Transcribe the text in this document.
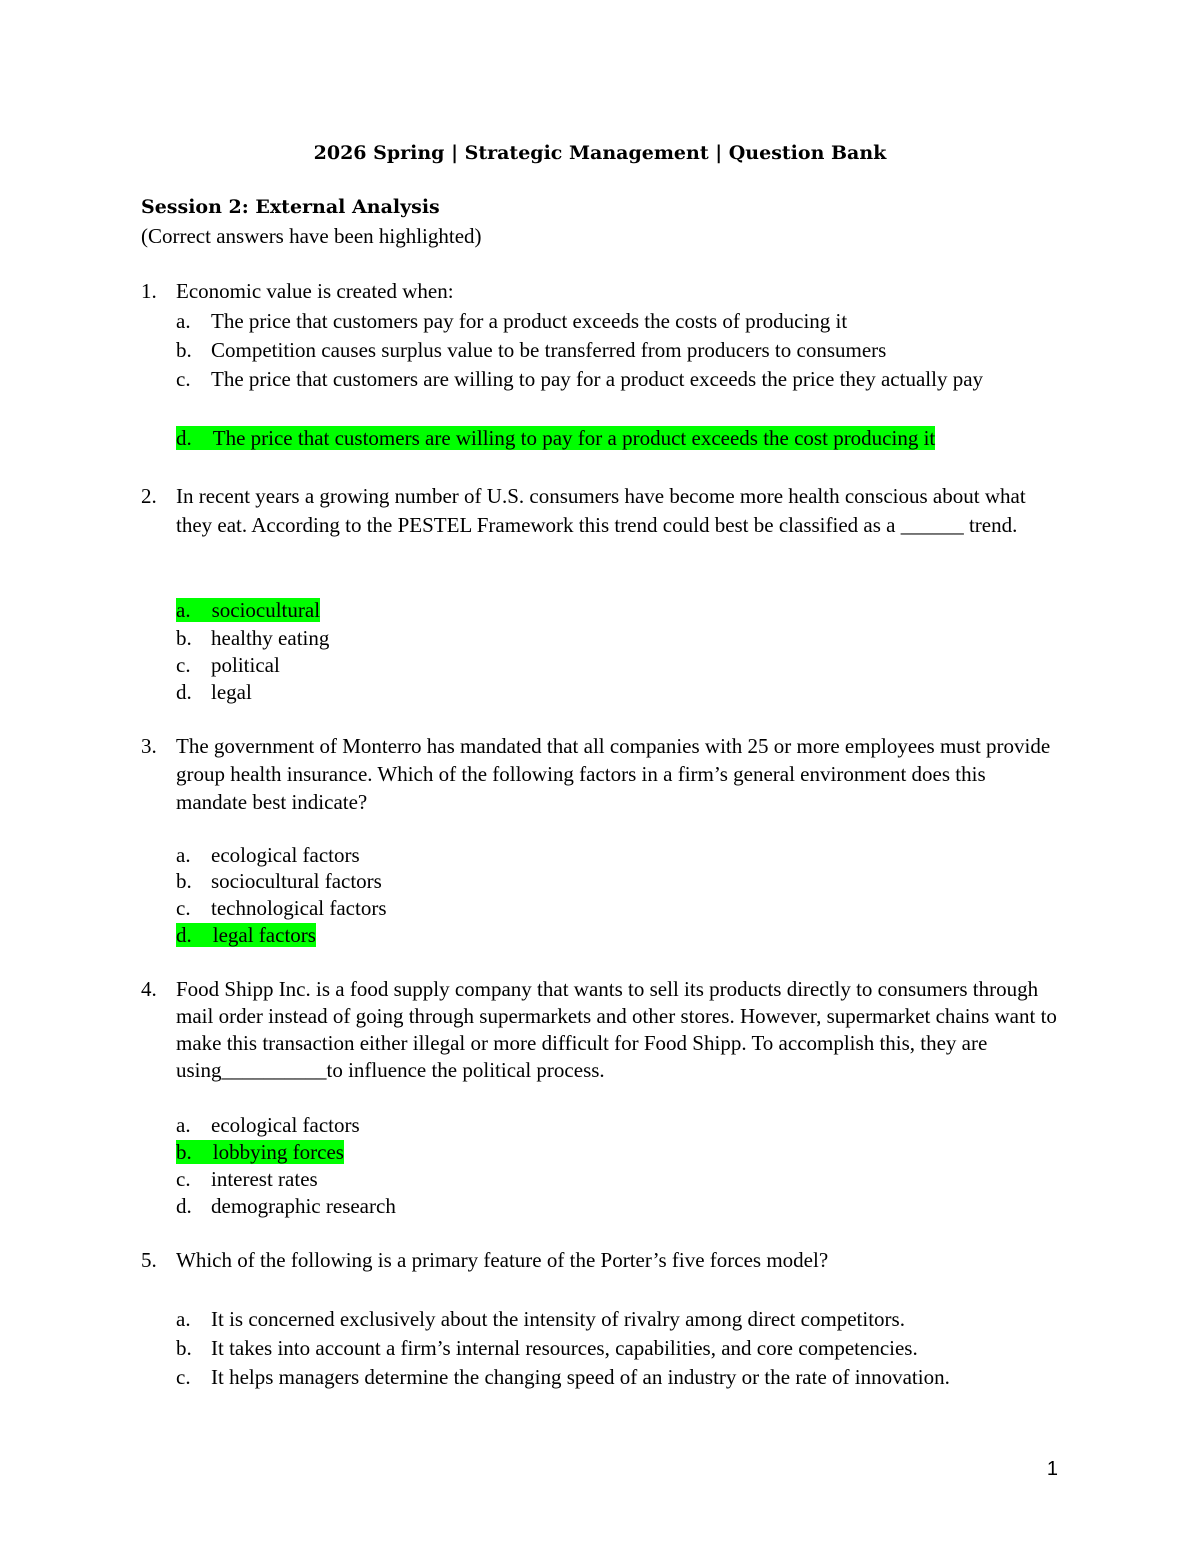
2026 Spring | Strategic Management | Question Bank
Session 2: External Analysis
(Correct answers have been highlighted)
1. Economic value is created when:
a. The price that customers pay for a product exceeds the costs of producing it
b. Competition causes surplus value to be transferred from producers to consumers
c. The price that customers are willing to pay for a product exceeds the price they actually pay
d. The price that customers are willing to pay for a product exceeds the cost producing it
2. In recent years a growing number of U.S. consumers have become more health conscious about what they eat. According to the PESTEL Framework this trend could best be classified as a ______ trend.
a. sociocultural
b. healthy eating
c. political
d. legal
3. The government of Monterro has mandated that all companies with 25 or more employees must provide group health insurance. Which of the following factors in a firm’s general environment does this mandate best indicate?
a. ecological factors
b. sociocultural factors
c. technological factors
d. legal factors
4. Food Shipp Inc. is a food supply company that wants to sell its products directly to consumers through mail order instead of going through supermarkets and other stores. However, supermarket chains want to make this transaction either illegal or more difficult for Food Shipp. To accomplish this, they are using__________to influence the political process.
a. ecological factors
b. lobbying forces
c. interest rates
d. demographic research
5. Which of the following is a primary feature of the Porter’s five forces model?
a. It is concerned exclusively about the intensity of rivalry among direct competitors.
b. It takes into account a firm’s internal resources, capabilities, and core competencies.
c. It helps managers determine the changing speed of an industry or the rate of innovation.
1
